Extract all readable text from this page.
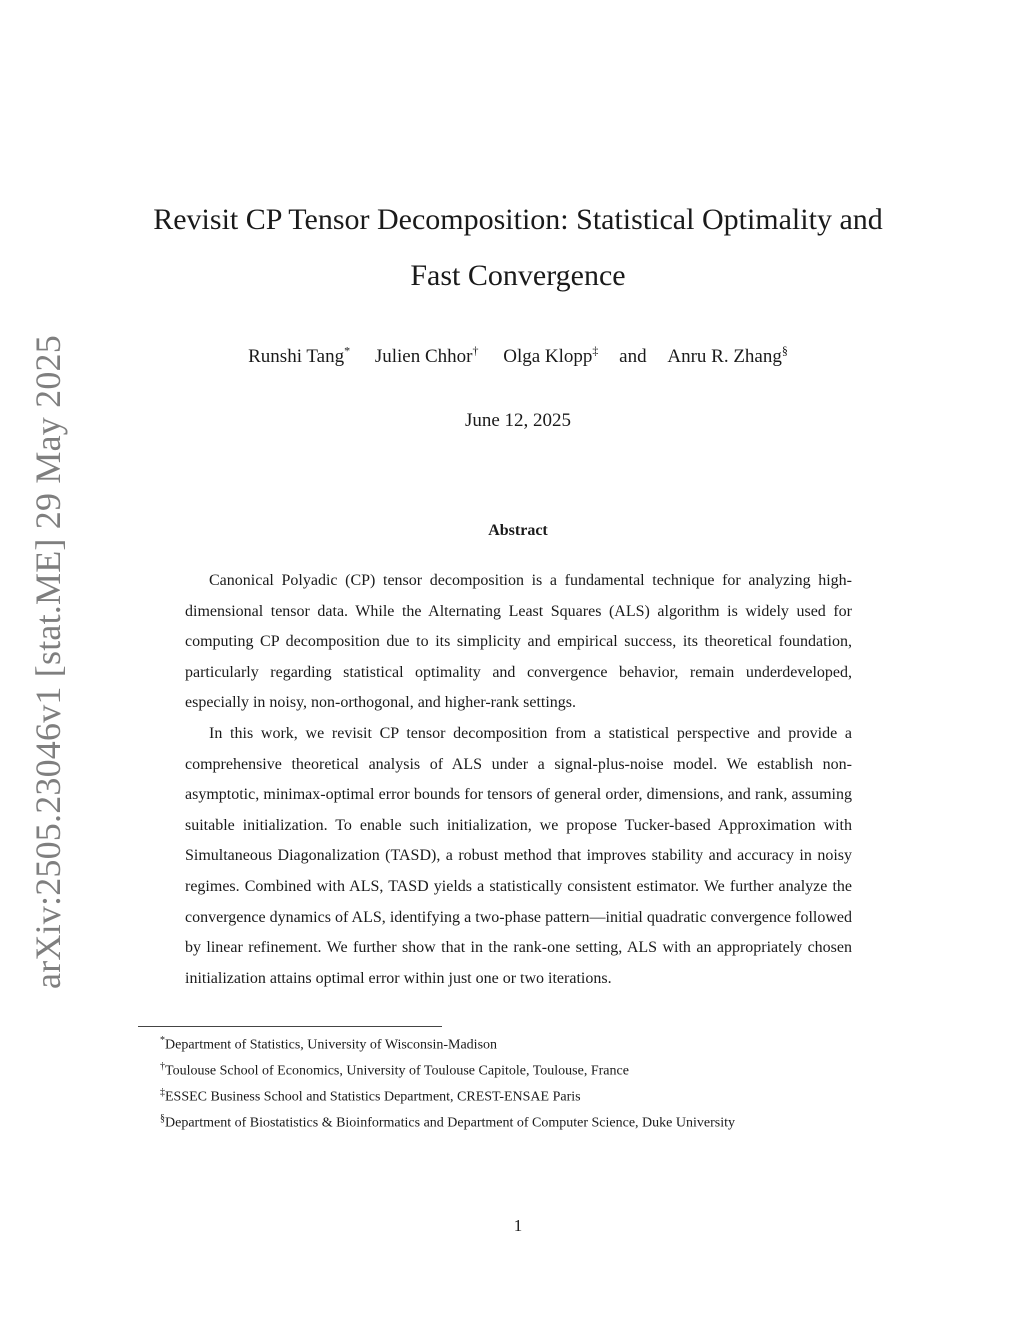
arXiv:2505.23046v1 [stat.ME] 29 May 2025
Revisit CP Tensor Decomposition: Statistical Optimality and Fast Convergence
Runshi Tang* Julien Chhor† Olga Klopp‡ and Anru R. Zhang§
June 12, 2025
Abstract

Canonical Polyadic (CP) tensor decomposition is a fundamental technique for analyzing high-dimensional tensor data. While the Alternating Least Squares (ALS) algorithm is widely used for computing CP decomposition due to its simplicity and empirical success, its theoretical foundation, particularly regarding statistical optimality and convergence behavior, remain underdeveloped, especially in noisy, non-orthogonal, and higher-rank settings.

In this work, we revisit CP tensor decomposition from a statistical perspective and provide a comprehensive theoretical analysis of ALS under a signal-plus-noise model. We establish non-asymptotic, minimax-optimal error bounds for tensors of general order, dimensions, and rank, assuming suitable initialization. To enable such initialization, we propose Tucker-based Approximation with Simultaneous Diagonalization (TASD), a robust method that improves stability and accuracy in noisy regimes. Combined with ALS, TASD yields a statistically consistent estimator. We further analyze the convergence dynamics of ALS, identifying a two-phase pattern—initial quadratic convergence followed by linear refinement. We further show that in the rank-one setting, ALS with an appropriately chosen initialization attains optimal error within just one or two iterations.

*Department of Statistics, University of Wisconsin-Madison
†Toulouse School of Economics, University of Toulouse Capitole, Toulouse, France
‡ESSEC Business School and Statistics Department, CREST-ENSAE Paris
§Department of Biostatistics & Bioinformatics and Department of Computer Science, Duke University
1
